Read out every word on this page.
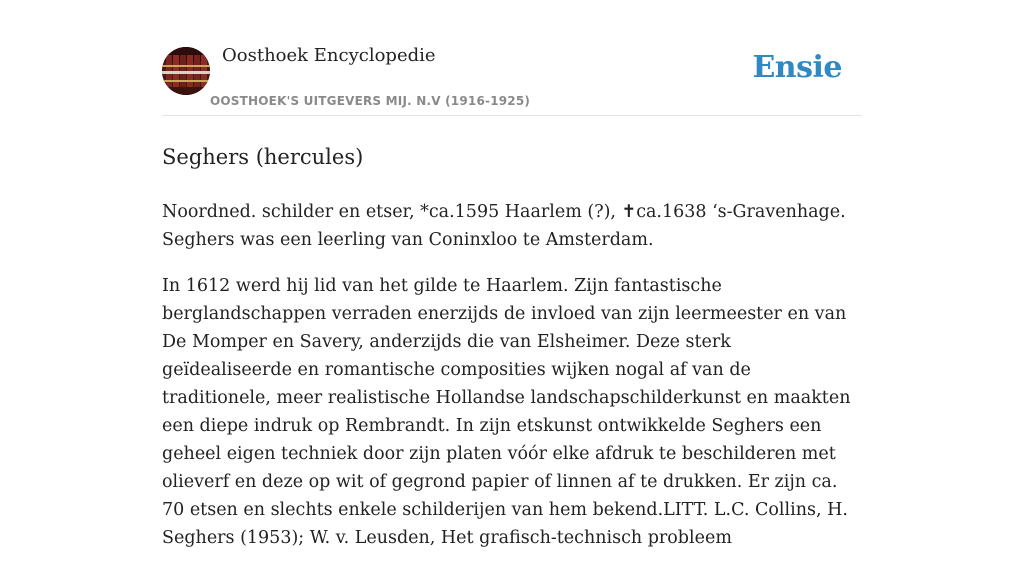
Oosthoek Encyclopedie
OOSTHOEK'S UITGEVERS MIJ. N.V (1916-1925)
Ensie
Seghers (hercules)

Noordned. schilder en etser, *ca.1595 Haarlem (?), ✝ca.1638 ‘s-Gravenhage. Seghers was een leerling van Coninxloo te Amsterdam.

In 1612 werd hij lid van het gilde te Haarlem. Zijn fantastische berglandschappen verraden enerzijds de invloed van zijn leermeester en van De Momper en Savery, anderzijds die van Elsheimer. Deze sterk geïdealiseerde en romantische composities wijken nogal af van de traditionele, meer realistische Hollandse landschapschilderkunst en maakten een diepe indruk op Rembrandt. In zijn etskunst ontwikkelde Seghers een geheel eigen techniek door zijn platen vóór elke afdruk te beschilderen met olieverf en deze op wit of gegrond papier of linnen af te drukken. Er zijn ca. 70 etsen en slechts enkele schilderijen van hem bekend.LITT. L.C. Collins, H. Seghers (1953); W. v. Leusden, Het grafisch-technisch probleem
